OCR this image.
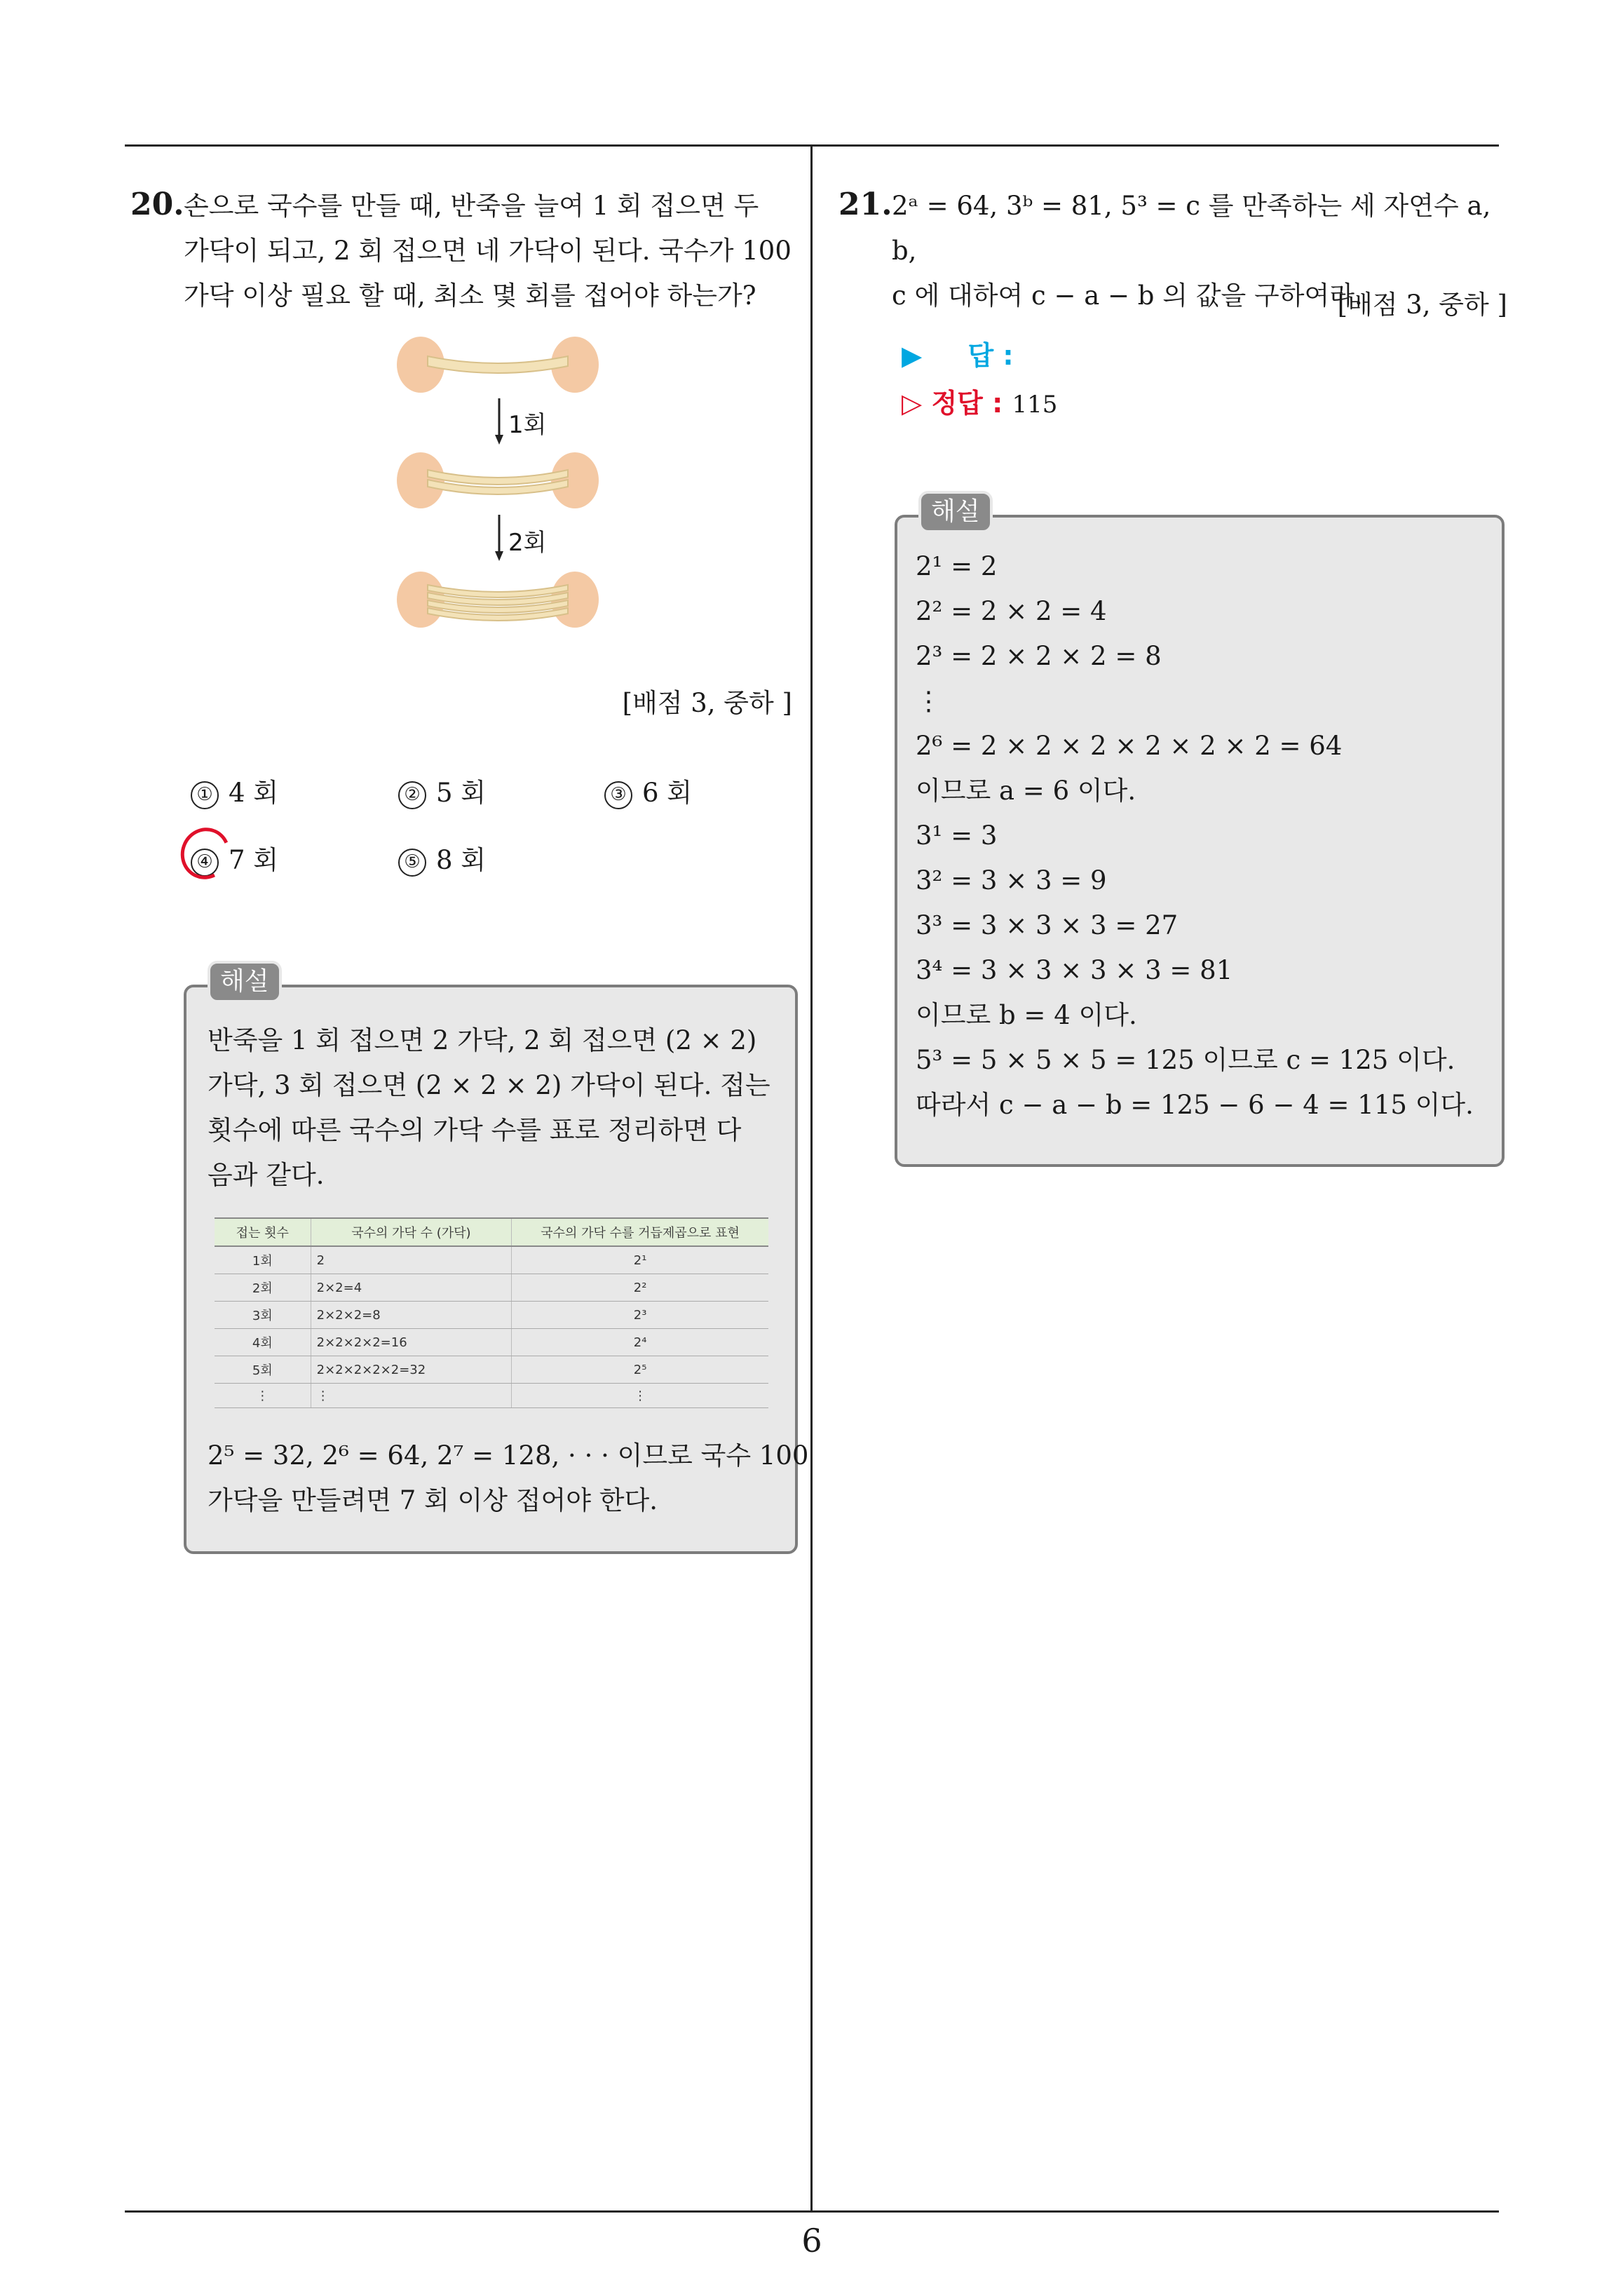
20. 손으로 국수를 만들 때, 반죽을 늘여 1 회 접으면 두
가닥이 되고, 2 회 접으면 네 가닥이 된다. 국수가 100
가닥 이상 필요 할 때, 최소 몇 회를 접어야 하는가?
1회
2회
[배점 3, 중하 ]
① 4 회	② 5 회	③ 6 회
④ 7 회	⑤ 8 회
해설
반죽을 1 회 접으면 2 가닥, 2 회 접으면 (2 × 2)
가닥, 3 회 접으면 (2 × 2 × 2) 가닥이 된다. 접는
횟수에 따른 국수의 가닥 수를 표로 정리하면 다
음과 같다.
접는 횟수	국수의 가닥 수 (가닥)	국수의 가닥 수를 거듭제곱으로 표현
1회	2	2¹
2회	2×2=4	2²
3회	2×2×2=8	2³
4회	2×2×2×2=16	2⁴
5회	2×2×2×2×2=32	2⁵
⋮	⋮	⋮
2⁵ = 32, 2⁶ = 64, 2⁷ = 128, · · · 이므로 국수 100
가닥을 만들려면 7 회 이상 접어야 한다.
21. 2ᵃ = 64, 3ᵇ = 81, 5³ = c 를 만족하는 세 자연수 a, b,
c 에 대하여 c − a − b 의 값을 구하여라.
[배점 3, 중하 ]
▶ 답 :
▷ 정답 : 115
해설
2¹ = 2
2² = 2 × 2 = 4
2³ = 2 × 2 × 2 = 8
⋮
2⁶ = 2 × 2 × 2 × 2 × 2 × 2 = 64
이므로 a = 6 이다.
3¹ = 3
3² = 3 × 3 = 9
3³ = 3 × 3 × 3 = 27
3⁴ = 3 × 3 × 3 × 3 = 81
이므로 b = 4 이다.
5³ = 5 × 5 × 5 = 125 이므로 c = 125 이다.
따라서 c − a − b = 125 − 6 − 4 = 115 이다.
6
